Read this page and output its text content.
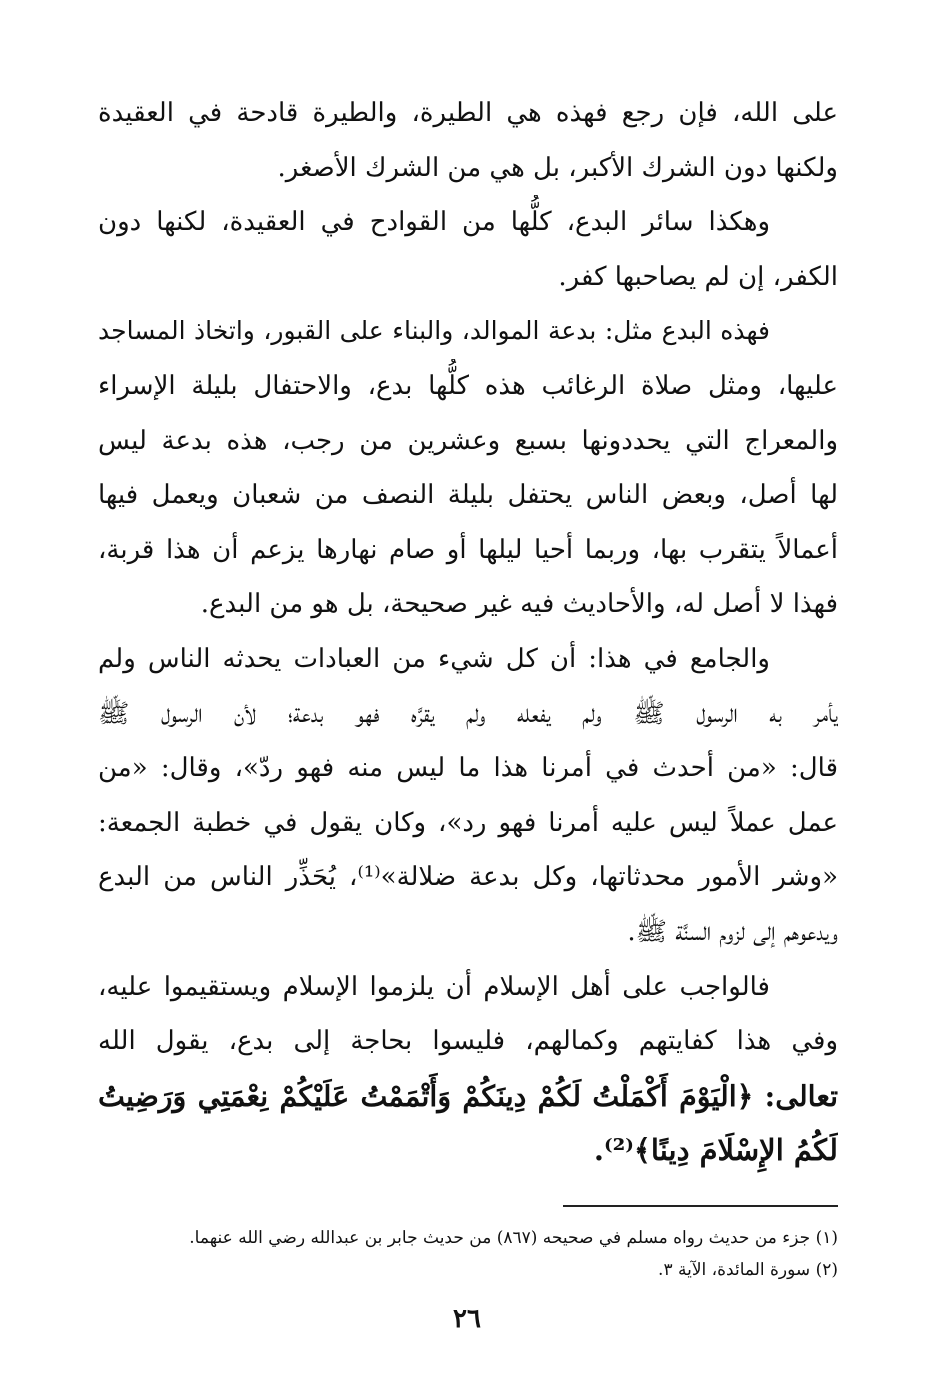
على الله، فإن رجع فهذه هي الطيرة، والطيرة قادحة في العقيدة
ولكنها دون الشرك الأكبر، بل هي من الشرك الأصغر.
وهكذا سائر البدع، كلُّها من القوادح في العقيدة، لكنها دون
الكفر، إن لم يصاحبها كفر.
فهذه البدع مثل: بدعة الموالد، والبناء على القبور، واتخاذ المساجد
عليها، ومثل صلاة الرغائب هذه كلُّها بدع، والاحتفال بليلة الإسراء
والمعراج التي يحددونها بسبع وعشرين من رجب، هذه بدعة ليس
لها أصل، وبعض الناس يحتفل بليلة النصف من شعبان ويعمل فيها
أعمالاً يتقرب بها، وربما أحيا ليلها أو صام نهارها يزعم أن هذا قربة،
فهذا لا أصل له، والأحاديث فيه غير صحيحة، بل هو من البدع.
والجامع في هذا: أن كل شيء من العبادات يحدثه الناس ولم
يأمر به الرسول ﷺ ولم يفعله ولم يقرَّه فهو بدعة؛ لأن الرسول ﷺ
قال: «من أحدث في أمرنا هذا ما ليس منه فهو ردّ»، وقال: «من
عمل عملاً ليس عليه أمرنا فهو رد»، وكان يقول في خطبة الجمعة:
«وشر الأمور محدثاتها، وكل بدعة ضلالة»⁽¹⁾، يُحَذِّر الناس من البدع
ويدعوهم إلى لزوم السنَّة ﷺ.
فالواجب على أهل الإسلام أن يلزموا الإسلام ويستقيموا عليه،
وفي هذا كفايتهم وكمالهم، فليسوا بحاجة إلى بدع، يقول الله
تعالى: ﴿الْيَوْمَ أَكْمَلْتُ لَكُمْ دِينَكُمْ وَأَتْمَمْتُ عَلَيْكُمْ نِعْمَتِي وَرَضِيتُ
لَكُمُ الإِسْلَامَ دِينًا﴾⁽²⁾.
(١) جزء من حديث رواه مسلم في صحيحه (٨٦٧) من حديث جابر بن عبدالله رضي الله عنهما.
(٢) سورة المائدة، الآية ٣.
٢٦
